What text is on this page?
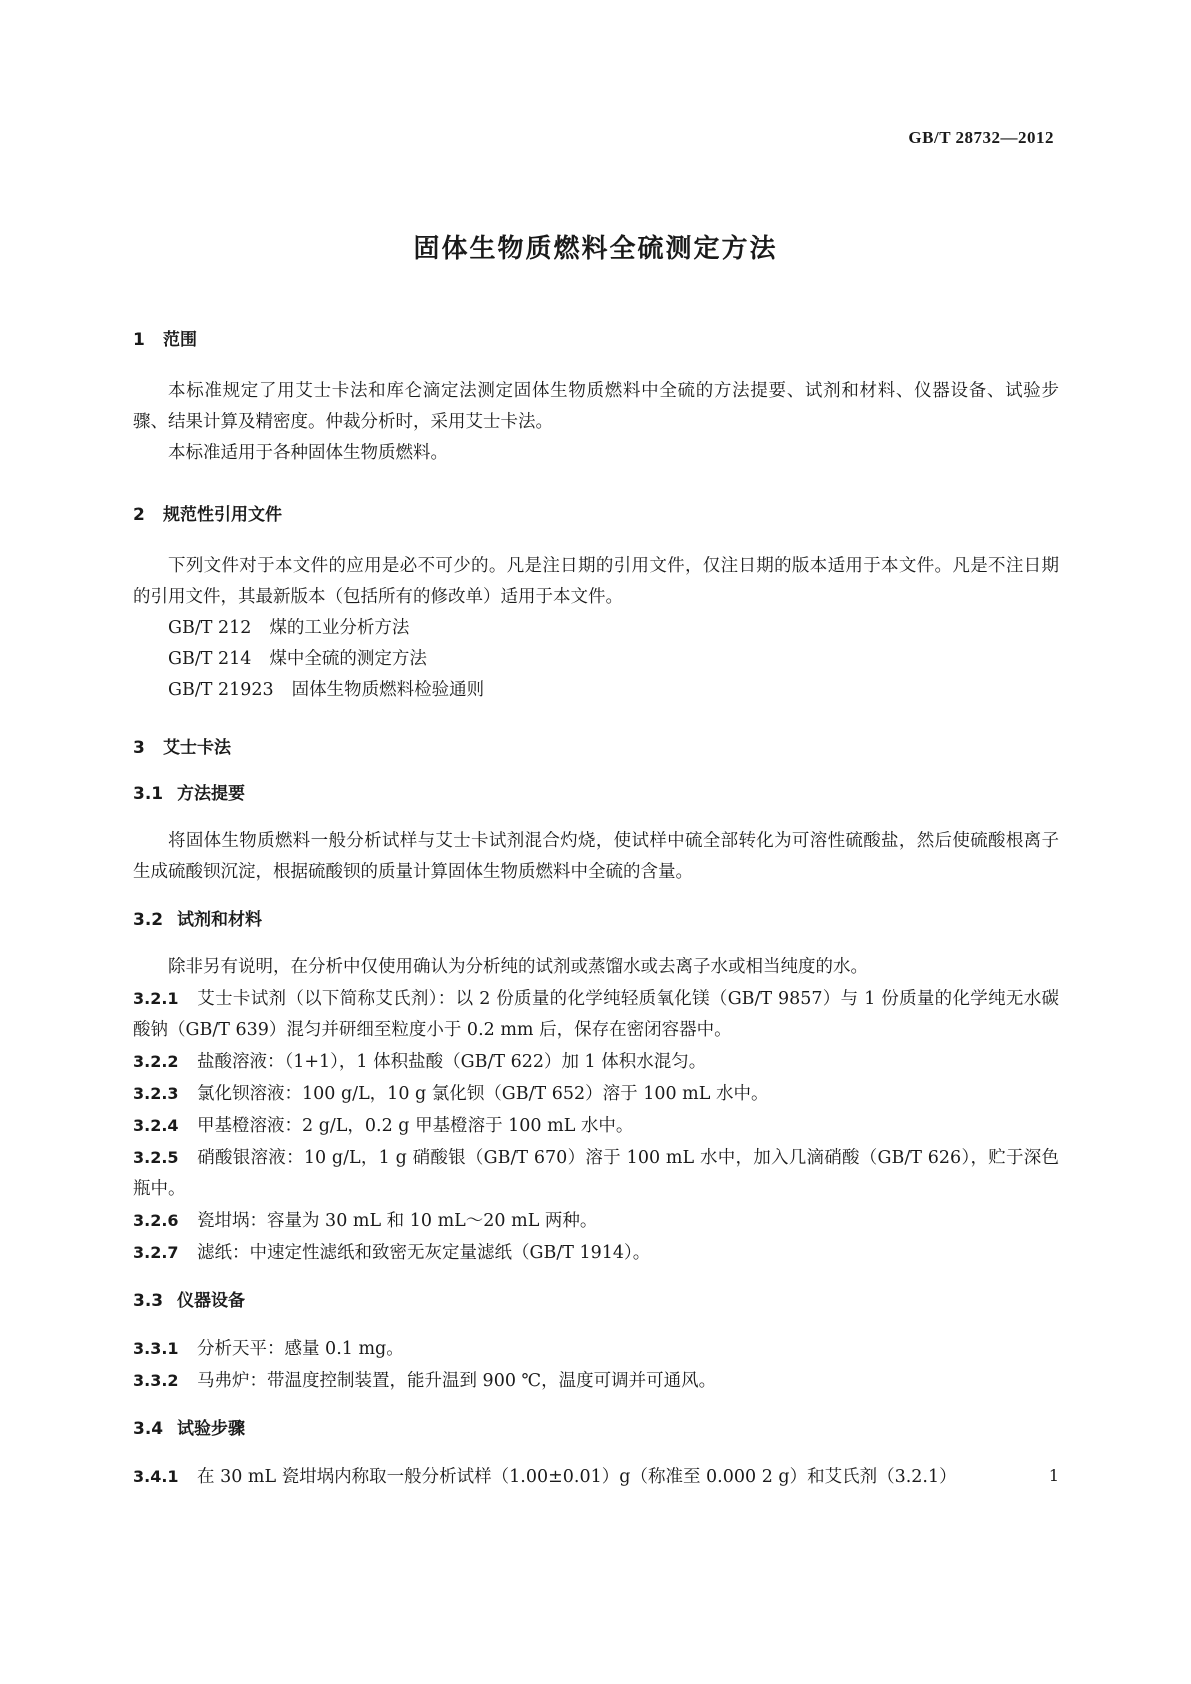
GB/T 28732—2012
固体生物质燃料全硫测定方法
1 范围

本标准规定了用艾士卡法和库仑滴定法测定固体生物质燃料中全硫的方法提要、试剂和材料、仪器设备、试验步骤、结果计算及精密度。仲裁分析时，采用艾士卡法。

本标准适用于各种固体生物质燃料。

2 规范性引用文件

下列文件对于本文件的应用是必不可少的。凡是注日期的引用文件，仅注日期的版本适用于本文件。凡是不注日期的引用文件，其最新版本（包括所有的修改单）适用于本文件。

GB/T 212 煤的工业分析方法

GB/T 214 煤中全硫的测定方法

GB/T 21923 固体生物质燃料检验通则

3 艾士卡法
3.1 方法提要

将固体生物质燃料一般分析试样与艾士卡试剂混合灼烧，使试样中硫全部转化为可溶性硫酸盐，然后使硫酸根离子生成硫酸钡沉淀，根据硫酸钡的质量计算固体生物质燃料中全硫的含量。

3.2 试剂和材料

除非另有说明，在分析中仅使用确认为分析纯的试剂或蒸馏水或去离子水或相当纯度的水。

3.2.1 艾士卡试剂（以下简称艾氏剂）：以 2 份质量的化学纯轻质氧化镁（GB/T 9857）与 1 份质量的化学纯无水碳酸钠（GB/T 639）混匀并研细至粒度小于 0.2 mm 后，保存在密闭容器中。

3.2.2 盐酸溶液：（1+1），1 体积盐酸（GB/T 622）加 1 体积水混匀。

3.2.3 氯化钡溶液：100 g/L，10 g 氯化钡（GB/T 652）溶于 100 mL 水中。

3.2.4 甲基橙溶液：2 g/L，0.2 g 甲基橙溶于 100 mL 水中。

3.2.5 硝酸银溶液：10 g/L，1 g 硝酸银（GB/T 670）溶于 100 mL 水中，加入几滴硝酸（GB/T 626），贮于深色瓶中。

3.2.6 瓷坩埚：容量为 30 mL 和 10 mL～20 mL 两种。

3.2.7 滤纸：中速定性滤纸和致密无灰定量滤纸（GB/T 1914）。

3.3 仪器设备

3.3.1 分析天平：感量 0.1 mg。

3.3.2 马弗炉：带温度控制装置，能升温到 900 ℃，温度可调并可通风。

3.4 试验步骤

3.4.1 在 30 mL 瓷坩埚内称取一般分析试样（1.00±0.01）g（称准至 0.000 2 g）和艾氏剂（3.2.1）	1
